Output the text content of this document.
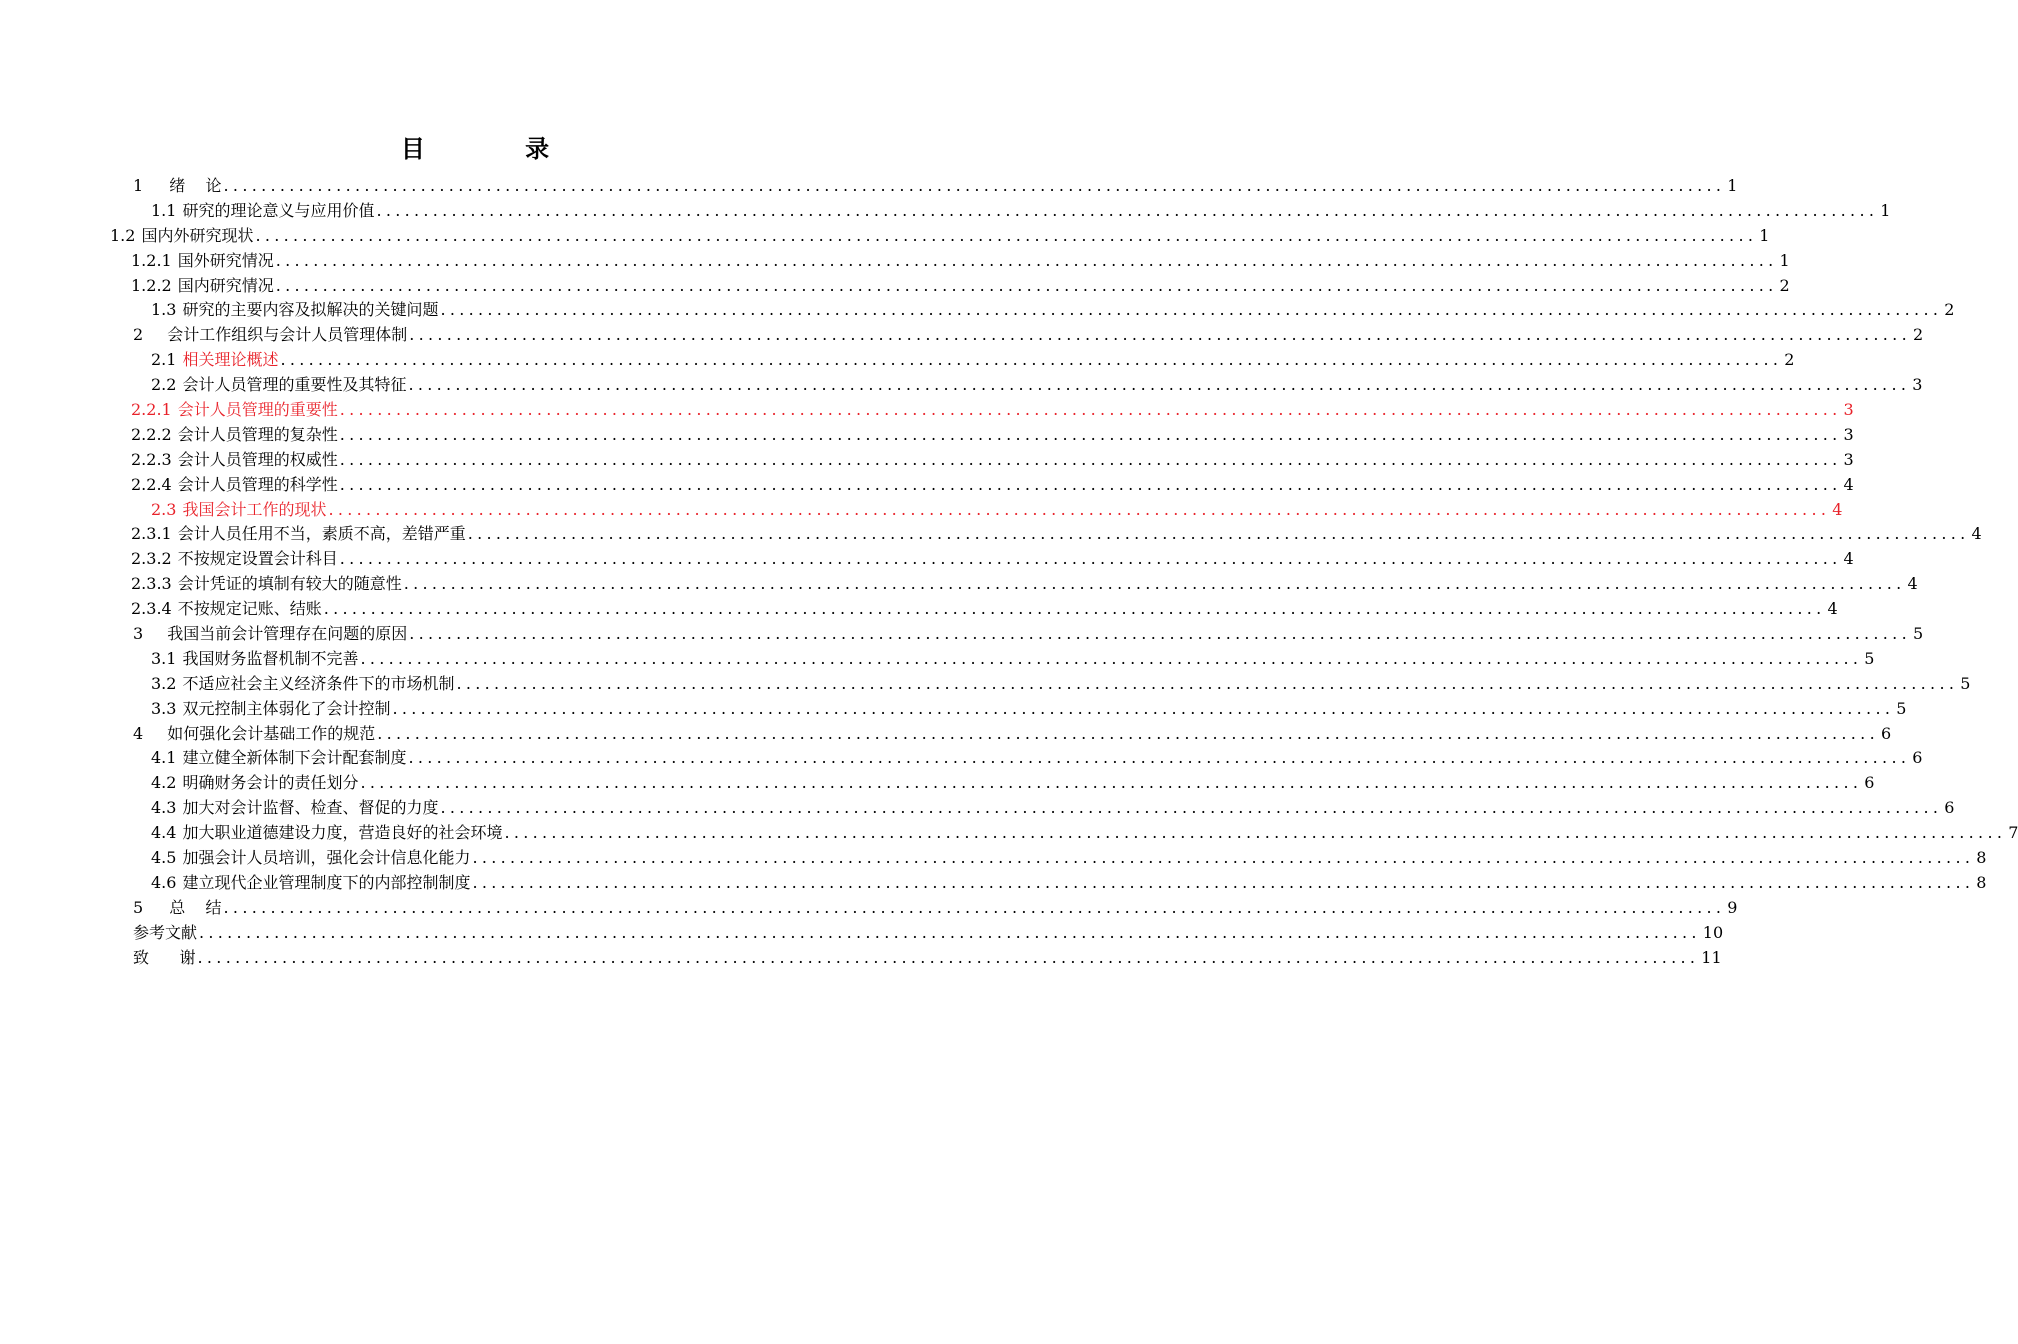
目 录
1 绪    论 ................................................................................................................................................................ 1
1.1 研究的理论意义与应用价值 ................................................................................................................................................................ 1
1.2 国内外研究现状 ................................................................................................................................................................ 1
1.2.1 国外研究情况 ................................................................................................................................................................ 1
1.2.2 国内研究情况 ................................................................................................................................................................ 2
1.3 研究的主要内容及拟解决的关键问题 ................................................................................................................................................................ 2
2 会计工作组织与会计人员管理体制 ................................................................................................................................................................ 2
2.1 相关理论概述 ................................................................................................................................................................ 2
2.2 会计人员管理的重要性及其特征 ................................................................................................................................................................ 3
2.2.1 会计人员管理的重要性 ................................................................................................................................................................ 3
2.2.2 会计人员管理的复杂性 ................................................................................................................................................................ 3
2.2.3 会计人员管理的权威性 ................................................................................................................................................................ 3
2.2.4 会计人员管理的科学性 ................................................................................................................................................................ 4
2.3 我国会计工作的现状 ................................................................................................................................................................ 4
2.3.1 会计人员任用不当，素质不高，差错严重 ................................................................................................................................................................ 4
2.3.2 不按规定设置会计科目 ................................................................................................................................................................ 4
2.3.3 会计凭证的填制有较大的随意性 ................................................................................................................................................................ 4
2.3.4 不按规定记账、结账 ................................................................................................................................................................ 4
3 我国当前会计管理存在问题的原因 ................................................................................................................................................................ 5
3.1 我国财务监督机制不完善 ................................................................................................................................................................ 5
3.2 不适应社会主义经济条件下的市场机制 ................................................................................................................................................................ 5
3.3 双元控制主体弱化了会计控制 ................................................................................................................................................................ 5
4 如何强化会计基础工作的规范 ................................................................................................................................................................ 6
4.1 建立健全新体制下会计配套制度 ................................................................................................................................................................ 6
4.2 明确财务会计的责任划分 ................................................................................................................................................................ 6
4.3 加大对会计监督、检查、督促的力度 ................................................................................................................................................................ 6
4.4 加大职业道德建设力度，营造良好的社会环境 ................................................................................................................................................................ 7
4.5 加强会计人员培训，强化会计信息化能力 ................................................................................................................................................................ 8
4.6 建立现代企业管理制度下的内部控制制度 ................................................................................................................................................................ 8
5 总    结 ................................................................................................................................................................ 9
参考文献 ................................................................................................................................................................ 10
致      谢 ................................................................................................................................................................ 11
